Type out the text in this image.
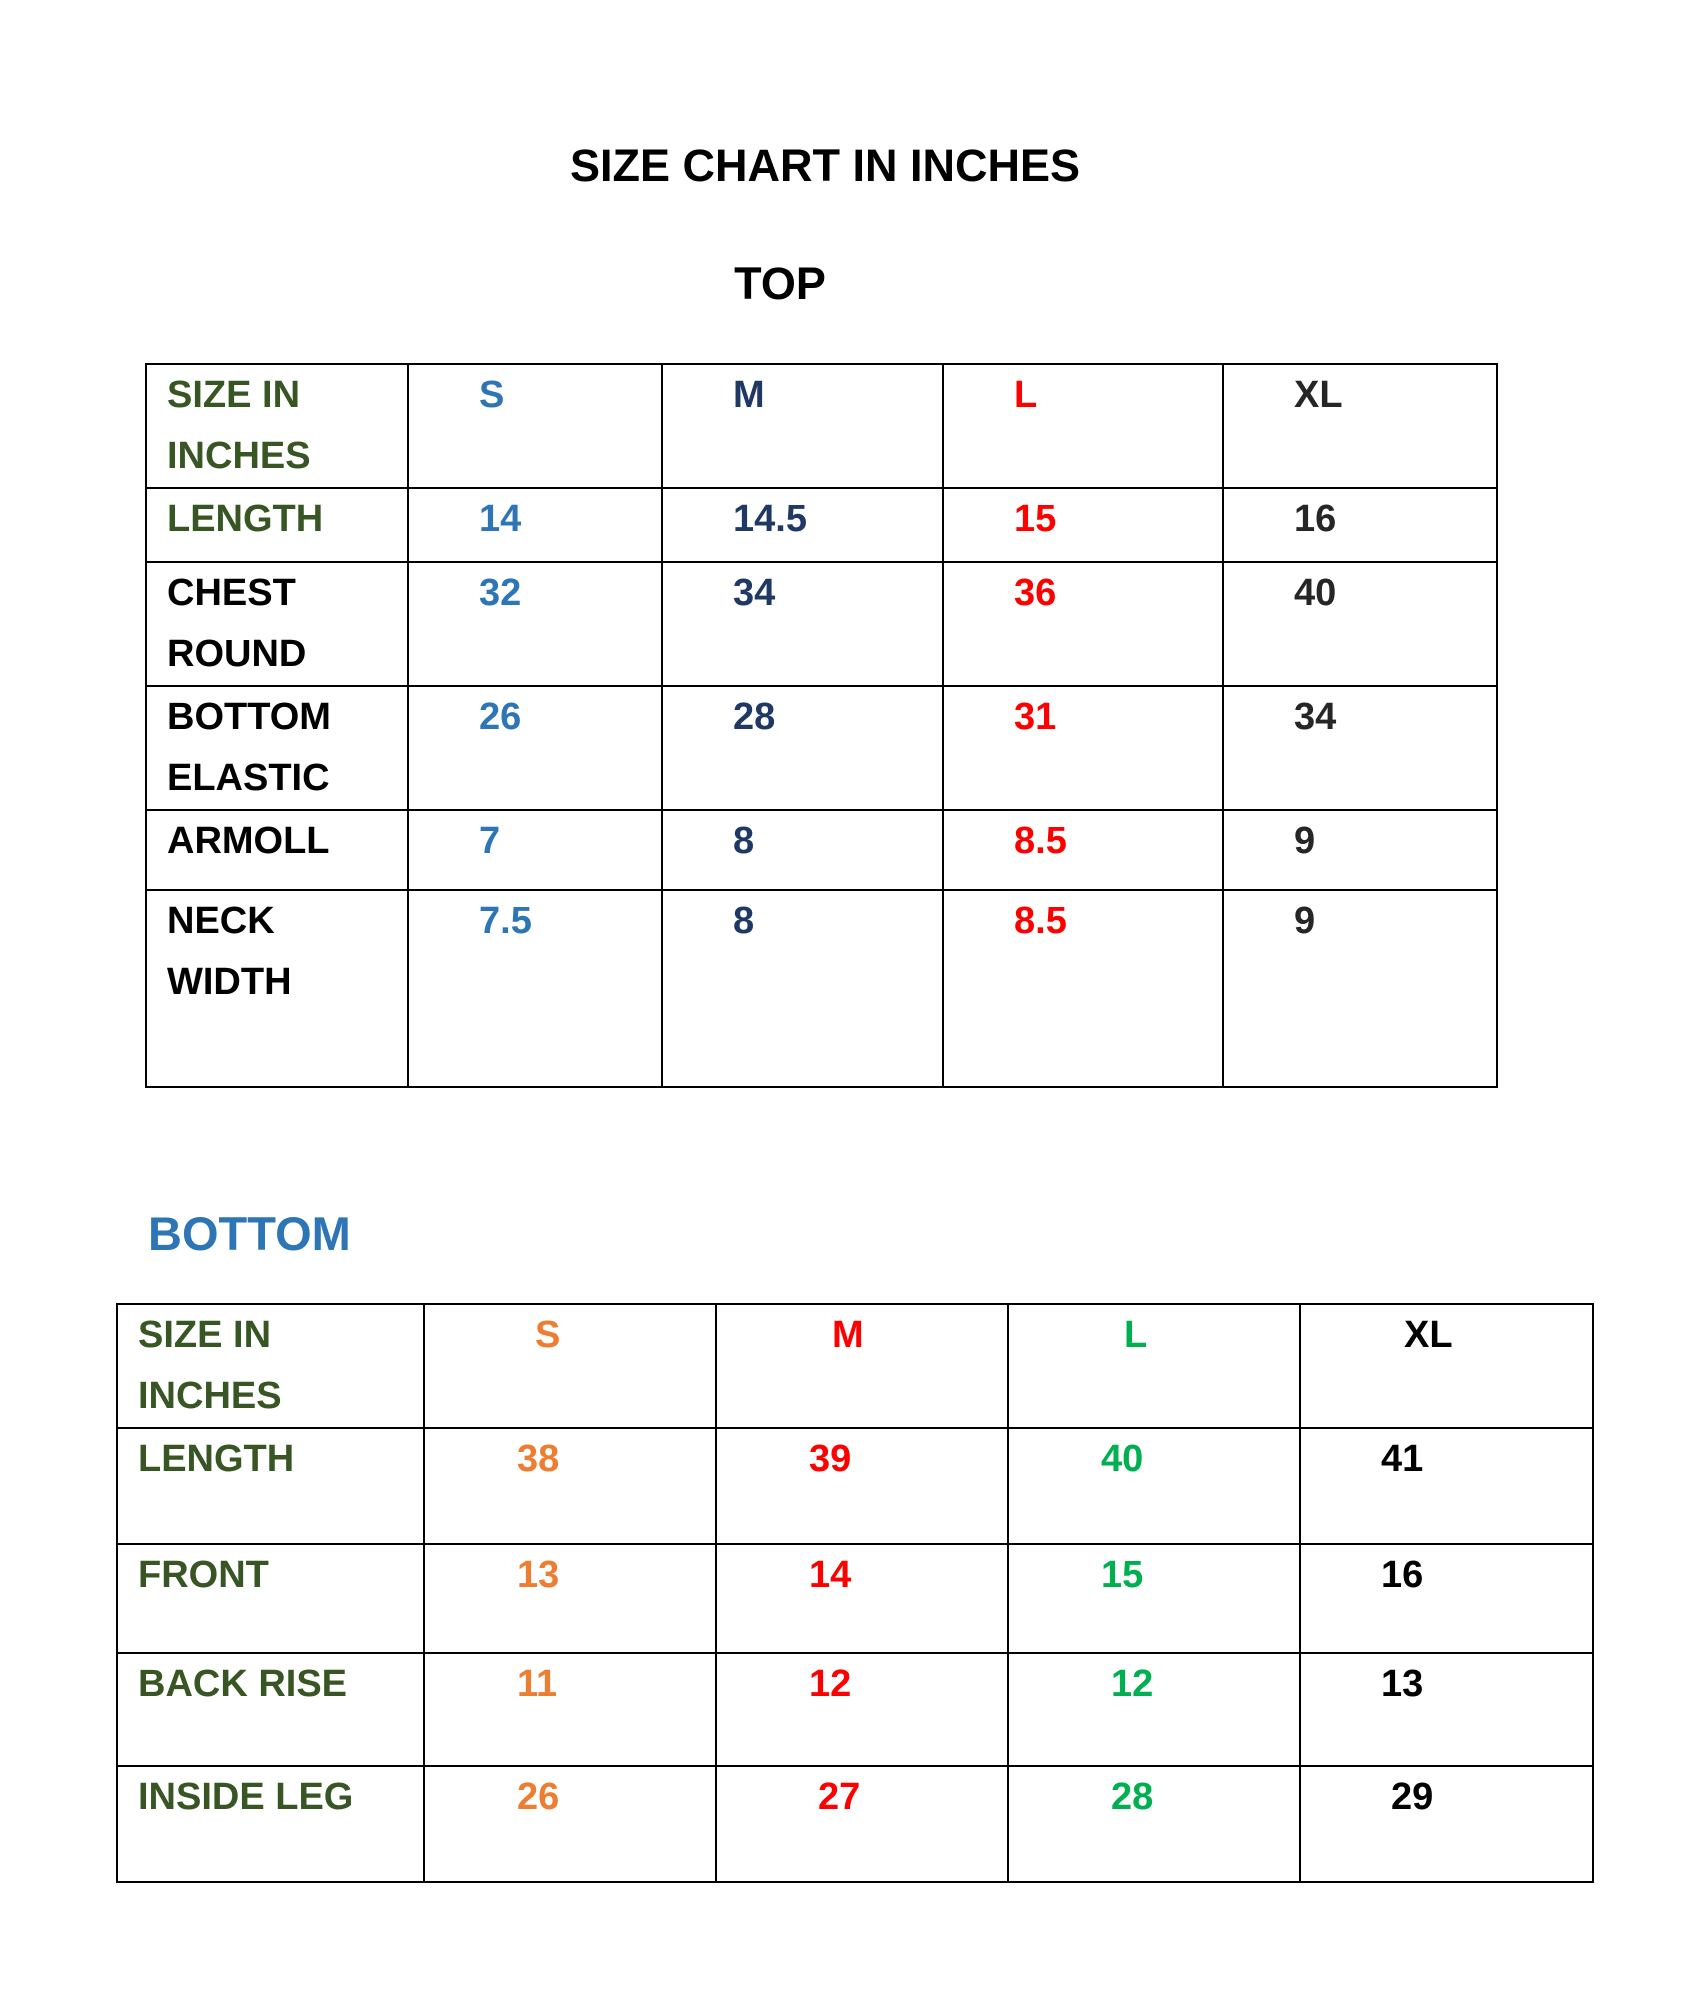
SIZE CHART IN INCHES
TOP
SIZE IN INCHES	S	M	L	XL
LENGTH	14	14.5	15	16
CHEST ROUND	32	34	36	40
BOTTOM ELASTIC	26	28	31	34
ARMOLL	7	8	8.5	9
NECK WIDTH	7.5	8	8.5	9
BOTTOM
SIZE IN INCHES	S	M	L	XL
LENGTH	38	39	40	41
FRONT	13	14	15	16
BACK RISE	11	12	12	13
INSIDE LEG	26	27	28	29
